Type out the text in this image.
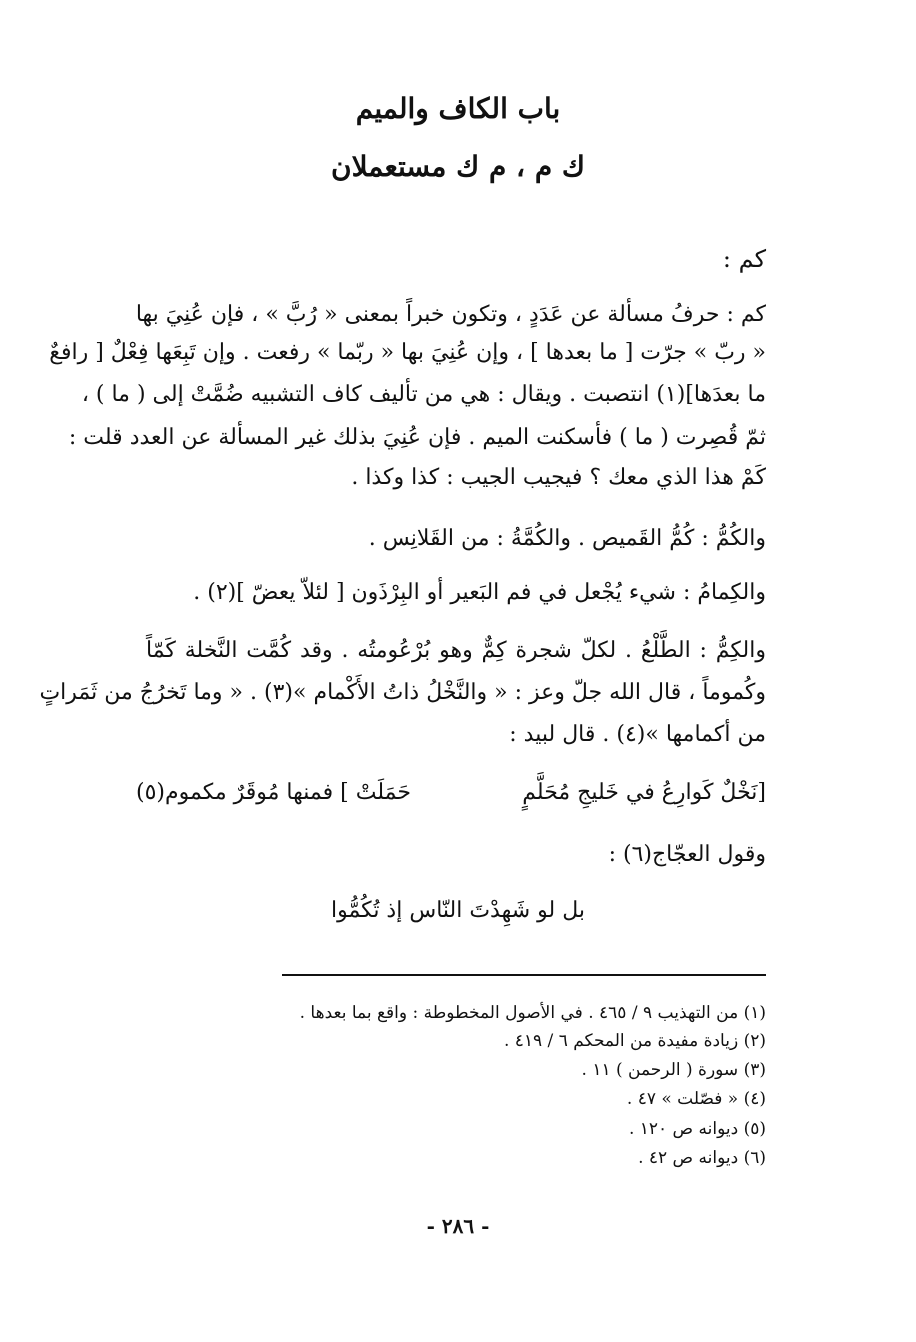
باب الكاف والميم
ك م ، م ك مستعملان
كم :
كم : حرفُ مسألة عن عَدَدٍ ، وتكون خبراً بمعنى « رُبَّ » ، فإن عُنِيَ بها
« ربّ » جرّت [ ما بعدها ] ، وإن عُنِيَ بها « ربّما » رفعت . وإن تَبِعَها فِعْلٌ [ رافعٌ
ما بعدَها](١) انتصبت . ويقال : هي من تأليف كاف التشبيه ضُمَّتْ إلى ( ما ) ،
ثمّ قُصِرت ( ما ) فأسكنت الميم . فإن عُنِيَ بذلك غير المسألة عن العدد قلت :
كَمْ هذا الذي معك ؟ فيجيب الجيب : كذا وكذا .
والكُمُّ : كُمُّ القَميص . والكُمَّةُ : من القَلانِس .
والكِمامُ : شيء يُجْعل في فم البَعير أو البِرْذَون [ لئلاّ يعضّ ](٢) .
والكِمُّ : الطَّلْعُ . لكلّ شجرة كِمٌّ وهو بُرْعُومتُه . وقد كُمَّت النَّخلة كَمّاً
وكُموماً ، قال الله جلّ وعز : « والنَّخْلُ ذاتُ الأَكْمام »(٣) . « وما تَخرُجُ من ثَمَراتٍ
من أكمامها »(٤) . قال لبيد :
[نَخْلٌ كَوارِعُ في خَليجِ مُحَلَّمٍ
حَمَلَتْ ] فمنها مُوقَرٌ مكموم(٥)
وقول العجّاج(٦) :
بل لو شَهِدْتَ النّاس إذ تُكُمُّوا
(١) من التهذيب ٩ / ٤٦٥ . في الأصول المخطوطة : واقع بما بعدها .
(٢) زيادة مفيدة من المحكم ٦ / ٤١٩ .
(٣) سورة ( الرحمن ) ١١ .
(٤) « فصّلت » ٤٧ .
(٥) ديوانه ص ١٢٠ .
(٦) ديوانه ص ٤٢ .
- ٢٨٦ -
